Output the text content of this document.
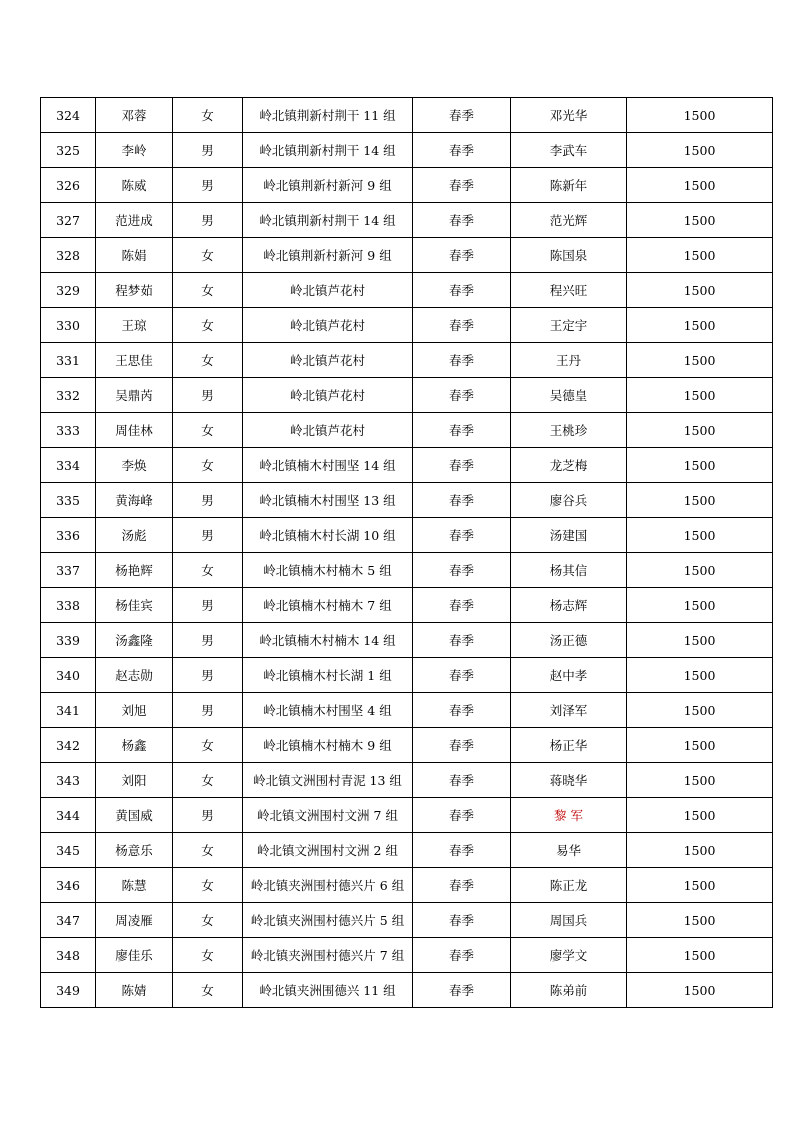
324	邓蓉	女	岭北镇荆新村荆干 11 组	春季	邓光华	1500
325	李岭	男	岭北镇荆新村荆干 14 组	春季	李武车	1500
326	陈威	男	岭北镇荆新村新河 9 组	春季	陈新年	1500
327	范进成	男	岭北镇荆新村荆干 14 组	春季	范光辉	1500
328	陈娟	女	岭北镇荆新村新河 9 组	春季	陈国泉	1500
329	程梦茹	女	岭北镇芦花村	春季	程兴旺	1500
330	王琼	女	岭北镇芦花村	春季	王定宇	1500
331	王思佳	女	岭北镇芦花村	春季	王丹	1500
332	吴鼎芮	男	岭北镇芦花村	春季	吴德皇	1500
333	周佳林	女	岭北镇芦花村	春季	王桃珍	1500
334	李焕	女	岭北镇楠木村围坚 14 组	春季	龙芝梅	1500
335	黄海峰	男	岭北镇楠木村围坚 13 组	春季	廖谷兵	1500
336	汤彪	男	岭北镇楠木村长湖 10 组	春季	汤建国	1500
337	杨艳辉	女	岭北镇楠木村楠木 5 组	春季	杨其信	1500
338	杨佳宾	男	岭北镇楠木村楠木 7 组	春季	杨志辉	1500
339	汤鑫隆	男	岭北镇楠木村楠木 14 组	春季	汤正德	1500
340	赵志勋	男	岭北镇楠木村长湖 1 组	春季	赵中孝	1500
341	刘旭	男	岭北镇楠木村围坚 4 组	春季	刘泽军	1500
342	杨鑫	女	岭北镇楠木村楠木 9 组	春季	杨正华	1500
343	刘阳	女	岭北镇文洲围村青泥 13 组	春季	蒋晓华	1500
344	黄国威	男	岭北镇文洲围村文洲 7 组	春季	黎 军	1500
345	杨意乐	女	岭北镇文洲围村文洲 2 组	春季	易华	1500
346	陈慧	女	岭北镇夹洲围村德兴片 6 组	春季	陈正龙	1500
347	周凌雁	女	岭北镇夹洲围村德兴片 5 组	春季	周国兵	1500
348	廖佳乐	女	岭北镇夹洲围村德兴片 7 组	春季	廖学文	1500
349	陈婧	女	岭北镇夹洲围德兴 11 组	春季	陈弟前	1500
